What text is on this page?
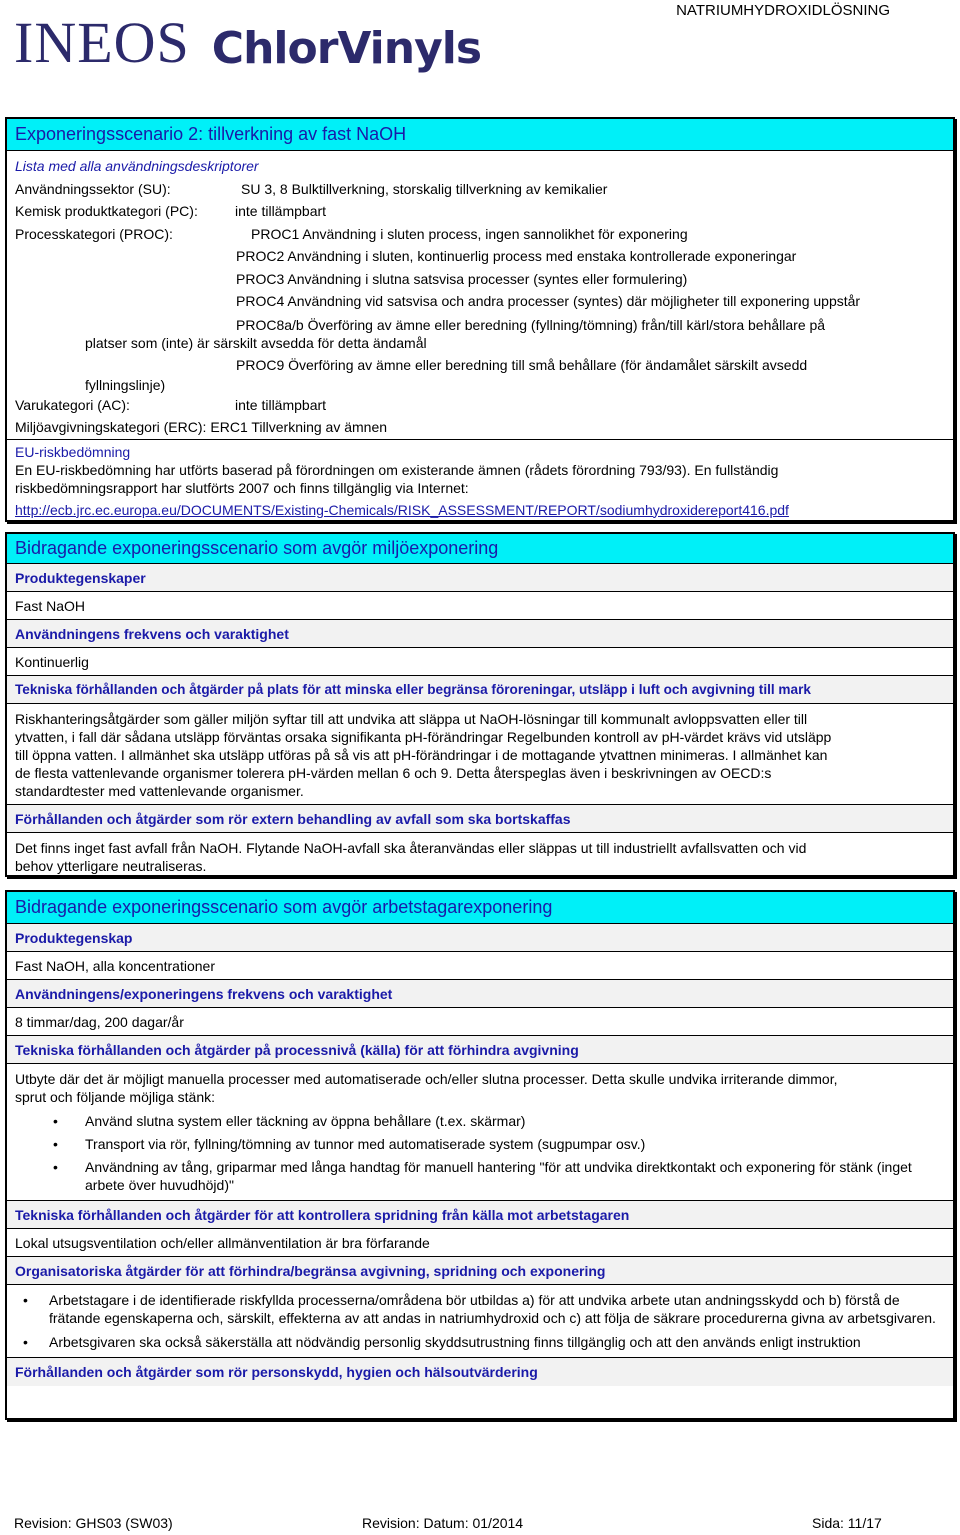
INEOS ChlorVinyls
NATRIUMHYDROXIDLÖSNING
Exponeringsscenario 2: tillverkning av fast NaOH
Lista med alla användningsdeskriptorer
Användningssektor (SU):	SU 3, 8 Bulktillverkning, storskalig tillverkning av kemikalier
Kemisk produktkategori (PC):	inte tillämpbart
Processkategori (PROC):	PROC1 Användning i sluten process, ingen sannolikhet för exponering
PROC2 Användning i sluten, kontinuerlig process med enstaka kontrollerade exponeringar
PROC3 Användning i slutna satsvisa processer (syntes eller formulering)
PROC4 Användning vid satsvisa och andra processer (syntes) där möjligheter till exponering uppstår
PROC8a/b Överföring av ämne eller beredning (fyllning/tömning) från/till kärl/stora behållare på
platser som (inte) är särskilt avsedda för detta ändamål
PROC9 Överföring av ämne eller beredning till små behållare (för ändamålet särskilt avsedd
fyllningslinje)
Varukategori (AC):	inte tillämpbart
Miljöavgivningskategori (ERC): ERC1 Tillverkning av ämnen
EU-riskbedömning
En EU-riskbedömning har utförts baserad på förordningen om existerande ämnen (rådets förordning 793/93). En fullständig
riskbedömningsrapport har slutförts 2007 och finns tillgänglig via Internet:
http://ecb.jrc.ec.europa.eu/DOCUMENTS/Existing-Chemicals/RISK_ASSESSMENT/REPORT/sodiumhydroxidereport416.pdf
Bidragande exponeringsscenario som avgör miljöexponering
Produktegenskaper
Fast NaOH
Användningens frekvens och varaktighet
Kontinuerlig
Tekniska förhållanden och åtgärder på plats för att minska eller begränsa föroreningar, utsläpp i luft och avgivning till mark
Riskhanteringsåtgärder som gäller miljön syftar till att undvika att släppa ut NaOH-lösningar till kommunalt avloppsvatten eller till
ytvatten, i fall där sådana utsläpp förväntas orsaka signifikanta pH-förändringar Regelbunden kontroll av pH-värdet krävs vid utsläpp
till öppna vatten. I allmänhet ska utsläpp utföras på så vis att pH-förändringar i de mottagande ytvattnen minimeras. I allmänhet kan
de flesta vattenlevande organismer tolerera pH-värden mellan 6 och 9. Detta återspeglas även i beskrivningen av OECD:s
standardtester med vattenlevande organismer.
Förhållanden och åtgärder som rör extern behandling av avfall som ska bortskaffas
Det finns inget fast avfall från NaOH. Flytande NaOH-avfall ska återanvändas eller släppas ut till industriellt avfallsvatten och vid
behov ytterligare neutraliseras.
Bidragande exponeringsscenario som avgör arbetstagarexponering
Produktegenskap
Fast NaOH, alla koncentrationer
Användningens/exponeringens frekvens och varaktighet
8 timmar/dag, 200 dagar/år
Tekniska förhållanden och åtgärder på processnivå (källa) för att förhindra avgivning
Utbyte där det är möjligt manuella processer med automatiserade och/eller slutna processer. Detta skulle undvika irriterande dimmor,
sprut och följande möjliga stänk:
• Använd slutna system eller täckning av öppna behållare (t.ex. skärmar)
• Transport via rör, fyllning/tömning av tunnor med automatiserade system (sugpumpar osv.)
• Användning av tång, griparmar med långa handtag för manuell hantering "för att undvika direktkontakt och exponering för stänk (inget arbete över huvudhöjd)"
Tekniska förhållanden och åtgärder för att kontrollera spridning från källa mot arbetstagaren
Lokal utsugsventilation och/eller allmänventilation är bra förfarande
Organisatoriska åtgärder för att förhindra/begränsa avgivning, spridning och exponering
• Arbetstagare i de identifierade riskfyllda processerna/områdena bör utbildas a) för att undvika arbete utan andningsskydd och b) förstå de frätande egenskaperna och, särskilt, effekterna av att andas in natriumhydroxid och c) att följa de säkrare procedurerna givna av arbetsgivaren.
• Arbetsgivaren ska också säkerställa att nödvändig personlig skyddsutrustning finns tillgänglig och att den används enligt instruktion
Förhållanden och åtgärder som rör personskydd, hygien och hälsoutvärdering
Revision: GHS03 (SW03)	Revision: Datum: 01/2014	Sida: 11/17
